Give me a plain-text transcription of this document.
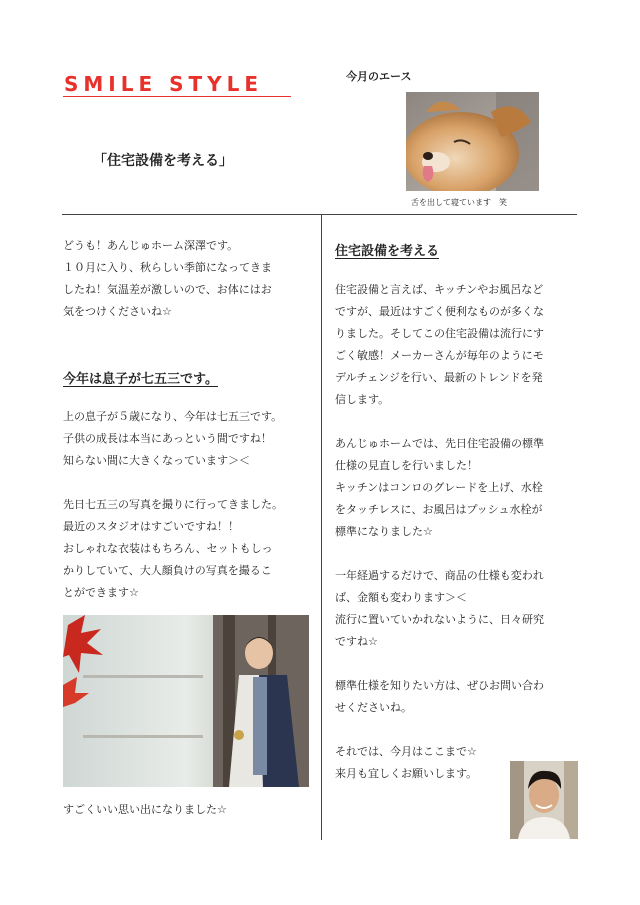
SMILE STYLE
「住宅設備を考える」
今月のエース
舌を出して寝ています　笑

どうも！あんじゅホーム深澤です。
１０月に入り、秋らしい季節になってきま
したね！気温差が激しいので、お体にはお
気をつけくださいね☆

今年は息子が七五三です。

上の息子が５歳になり、今年は七五三です。
子供の成長は本当にあっという間ですね！
知らない間に大きくなっています＞＜

先日七五三の写真を撮りに行ってきました。
最近のスタジオはすごいですね！！
おしゃれな衣装はもちろん、セットもしっ
かりしていて、大人顔負けの写真を撮るこ
とができます☆

すごくいい思い出になりました☆
住宅設備を考える

住宅設備と言えば、キッチンやお風呂など
ですが、最近はすごく便利なものが多くな
りました。そしてこの住宅設備は流行にす
ごく敏感！メーカーさんが毎年のようにモ
デルチェンジを行い、最新のトレンドを発
信します。

あんじゅホームでは、先日住宅設備の標準
仕様の見直しを行いました！
キッチンはコンロのグレードを上げ、水栓
をタッチレスに、お風呂はプッシュ水栓が
標準になりました☆

一年経過するだけで、商品の仕様も変われ
ば、金額も変わります＞＜
流行に置いていかれないように、日々研究
ですね☆

標準仕様を知りたい方は、ぜひお問い合わ
せくださいね。

それでは、今月はここまで☆
来月も宜しくお願いします。
